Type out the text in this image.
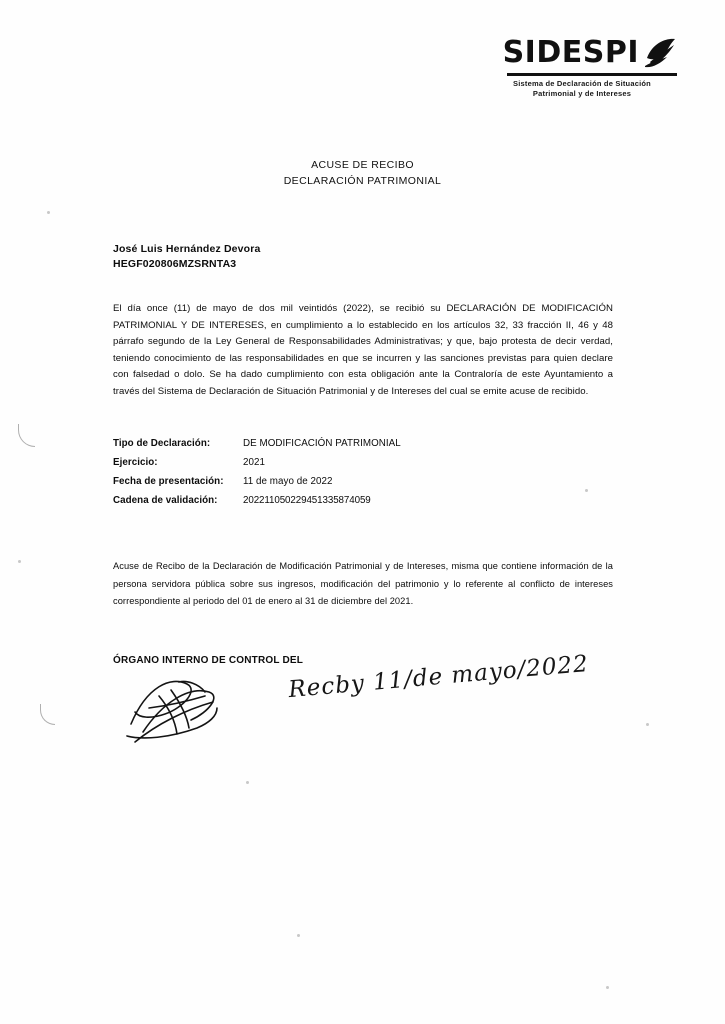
SIDESPI
Sistema de Declaración de Situación
Patrimonial y de Intereses
ACUSE DE RECIBO
DECLARACIÓN PATRIMONIAL

José Luis Hernández Devora

HEGF020806MZSRNTA3

El día once (11) de mayo de dos mil veintidós (2022), se recibió su DECLARACIÓN DE MODIFICACIÓN PATRIMONIAL Y DE INTERESES, en cumplimiento a lo establecido en los artículos 32, 33 fracción II, 46 y 48 párrafo segundo de la Ley General de Responsabilidades Administrativas; y que, bajo protesta de decir verdad, teniendo conocimiento de las responsabilidades en que se incurren y las sanciones previstas para quien declare con falsedad o dolo. Se ha dado cumplimiento con esta obligación ante la Contraloría de este Ayuntamiento a través del Sistema de Declaración de Situación Patrimonial y de Intereses del cual se emite acuse de recibido.

Tipo de Declaración:	DE MODIFICACIÓN PATRIMONIAL
Ejercicio:	2021
Fecha de presentación:	11 de mayo de 2022
Cadena de validación:	202211050229451335874059

Acuse de Recibo de la Declaración de Modificación Patrimonial y de Intereses, misma que contiene información de la persona servidora pública sobre sus ingresos, modificación del patrimonio y lo referente al conflicto de intereses correspondiente al periodo del 01 de enero al 31 de diciembre del 2021.

ÓRGANO INTERNO DE CONTROL DEL

Recby 11/de mayo/2022
